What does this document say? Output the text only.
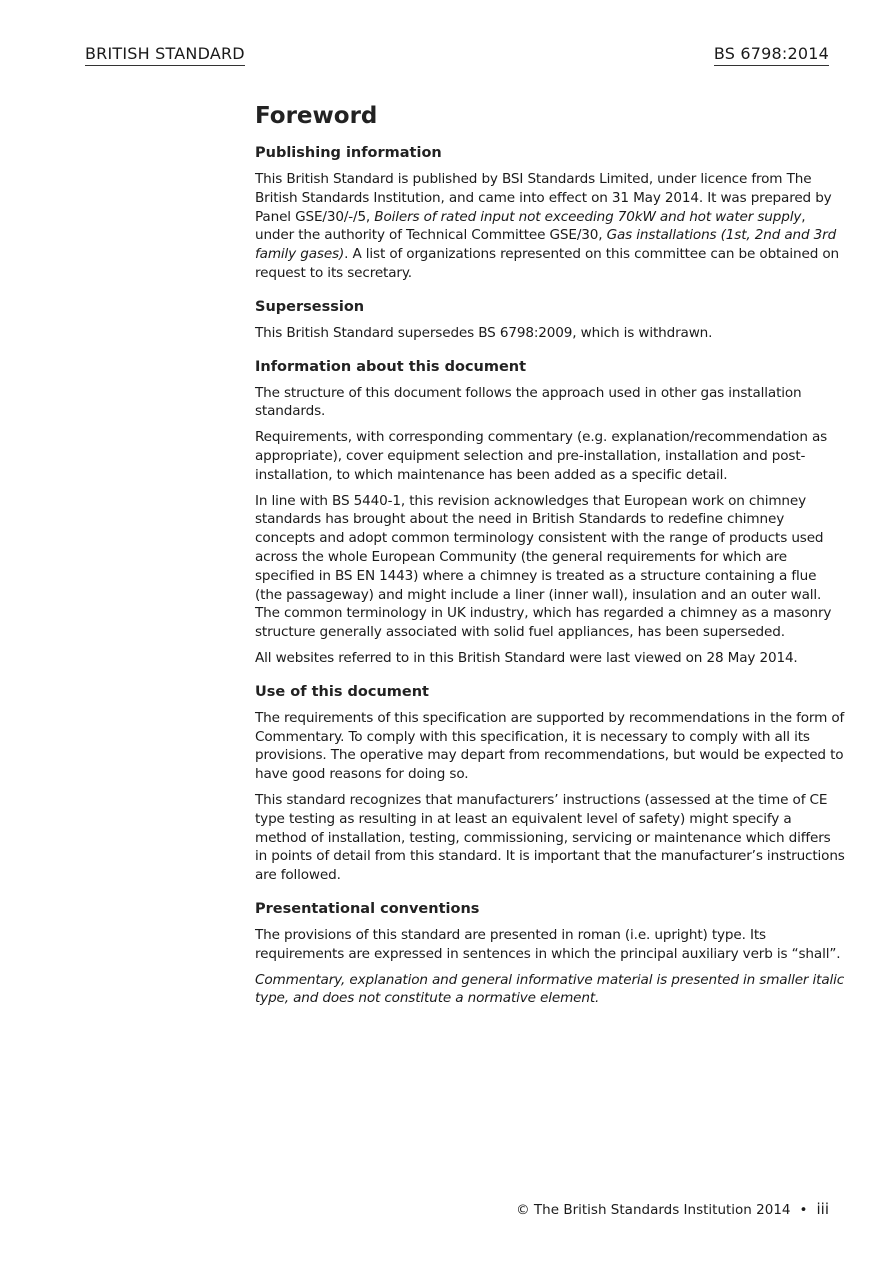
BRITISH STANDARD	BS 6798:2014
Foreword
Publishing information

This British Standard is published by BSI Standards Limited, under licence from The British Standards Institution, and came into effect on 31 May 2014. It was prepared by Panel GSE/30/-/5, Boilers of rated input not exceeding 70kW and hot water supply, under the authority of Technical Committee GSE/30, Gas installations (1st, 2nd and 3rd family gases). A list of organizations represented on this committee can be obtained on request to its secretary.

Supersession

This British Standard supersedes BS 6798:2009, which is withdrawn.

Information about this document

The structure of this document follows the approach used in other gas installation standards.

Requirements, with corresponding commentary (e.g. explanation/recommendation as appropriate), cover equipment selection and pre-installation, installation and post-installation, to which maintenance has been added as a specific detail.

In line with BS 5440-1, this revision acknowledges that European work on chimney standards has brought about the need in British Standards to redefine chimney concepts and adopt common terminology consistent with the range of products used across the whole European Community (the general requirements for which are specified in BS EN 1443) where a chimney is treated as a structure containing a flue (the passageway) and might include a liner (inner wall), insulation and an outer wall. The common terminology in UK industry, which has regarded a chimney as a masonry structure generally associated with solid fuel appliances, has been superseded.

All websites referred to in this British Standard were last viewed on 28 May 2014.

Use of this document

The requirements of this specification are supported by recommendations in the form of Commentary. To comply with this specification, it is necessary to comply with all its provisions. The operative may depart from recommendations, but would be expected to have good reasons for doing so.

This standard recognizes that manufacturers’ instructions (assessed at the time of CE type testing as resulting in at least an equivalent level of safety) might specify a method of installation, testing, commissioning, servicing or maintenance which differs in points of detail from this standard. It is important that the manufacturer’s instructions are followed.

Presentational conventions

The provisions of this standard are presented in roman (i.e. upright) type. Its requirements are expressed in sentences in which the principal auxiliary verb is “shall”.

Commentary, explanation and general informative material is presented in smaller italic type, and does not constitute a normative element.

© The British Standards Institution 2014 • iii
